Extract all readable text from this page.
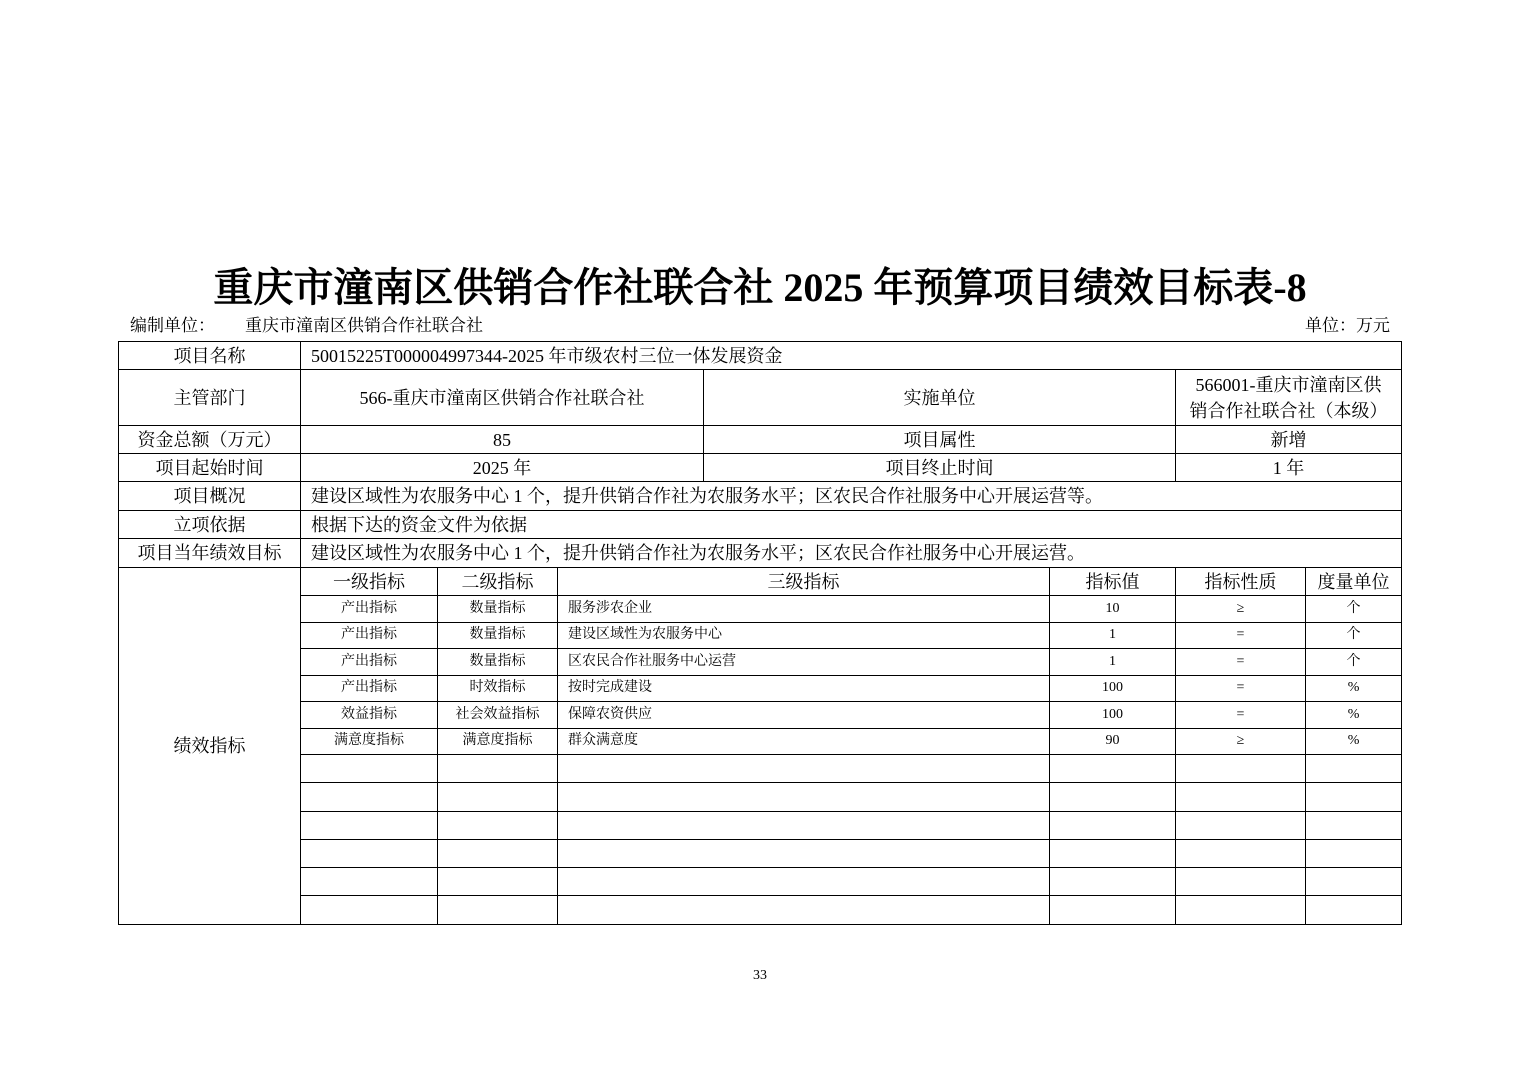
重庆市潼南区供销合作社联合社 2025 年预算项目绩效目标表-8
编制单位： 重庆市潼南区供销合作社联合社	单位：万元
项目名称	50015225T000004997344-2025 年市级农村三位一体发展资金						
主管部门	566-重庆市潼南区供销合作社联合社			实施单位		566001-重庆市潼南区供
销合作社联合社（本级）	
资金总额（万元）	85			项目属性		新增	
项目起始时间	2025 年			项目终止时间		1 年	
项目概况	建设区域性为农服务中心 1 个，提升供销合作社为农服务水平；区农民合作社服务中心开展运营等。						
立项依据	根据下达的资金文件为依据						
项目当年绩效目标	建设区域性为农服务中心 1 个，提升供销合作社为农服务水平；区农民合作社服务中心开展运营。						
绩效指标	一级指标	二级指标	三级指标		指标值	指标性质	度量单位
	产出指标	数量指标	服务涉农企业		10	≥	个
	产出指标	数量指标	建设区域性为农服务中心		1	=	个
	产出指标	数量指标	区农民合作社服务中心运营		1	=	个
	产出指标	时效指标	按时完成建设		100	=	%
	效益指标	社会效益指标	保障农资供应		100	=	%
	满意度指标	满意度指标	群众满意度		90	≥	%

33
